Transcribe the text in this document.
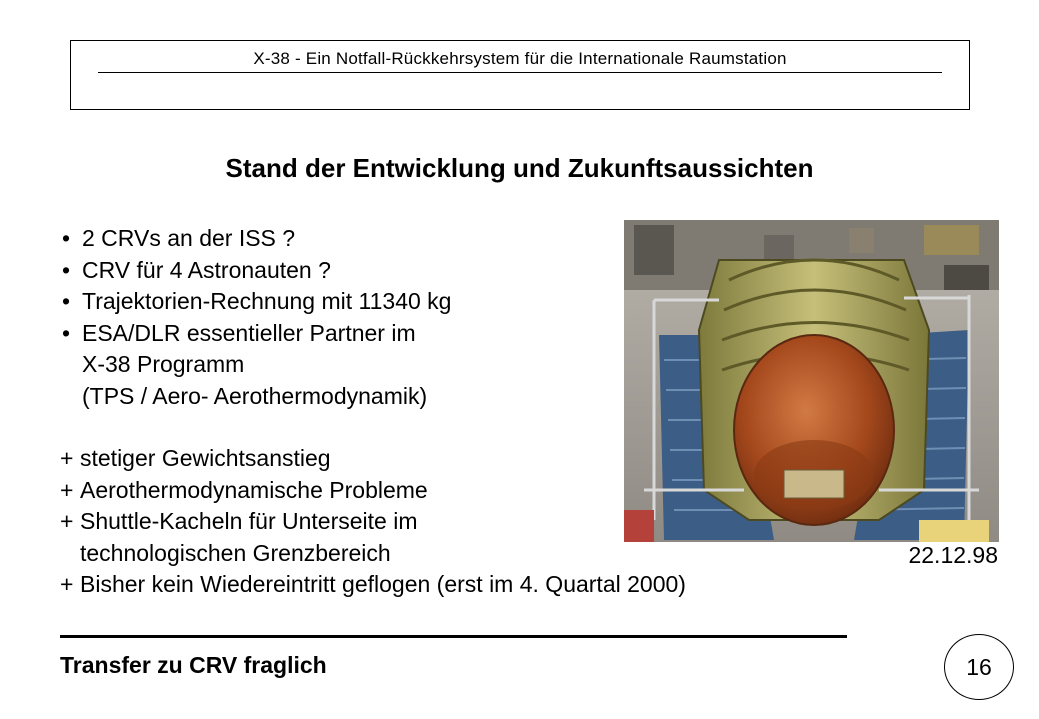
X-38 - Ein Notfall-Rückkehrsystem für die Internationale Raumstation
Stand der Entwicklung und Zukunftsaussichten
• 2 CRVs an der ISS ?
• CRV für 4 Astronauten ?
• Trajektorien-Rechnung mit 11340 kg
• ESA/DLR essentieller Partner im
X-38 Programm
(TPS / Aero- Aerothermodynamik)
+ stetiger Gewichtsanstieg
+ Aerothermodynamische Probleme
+ Shuttle-Kacheln für Unterseite im
technologischen Grenzbereich
+ Bisher kein Wiedereintritt geflogen (erst im 4. Quartal 2000)
22.12.98
Transfer zu CRV fraglich	16
